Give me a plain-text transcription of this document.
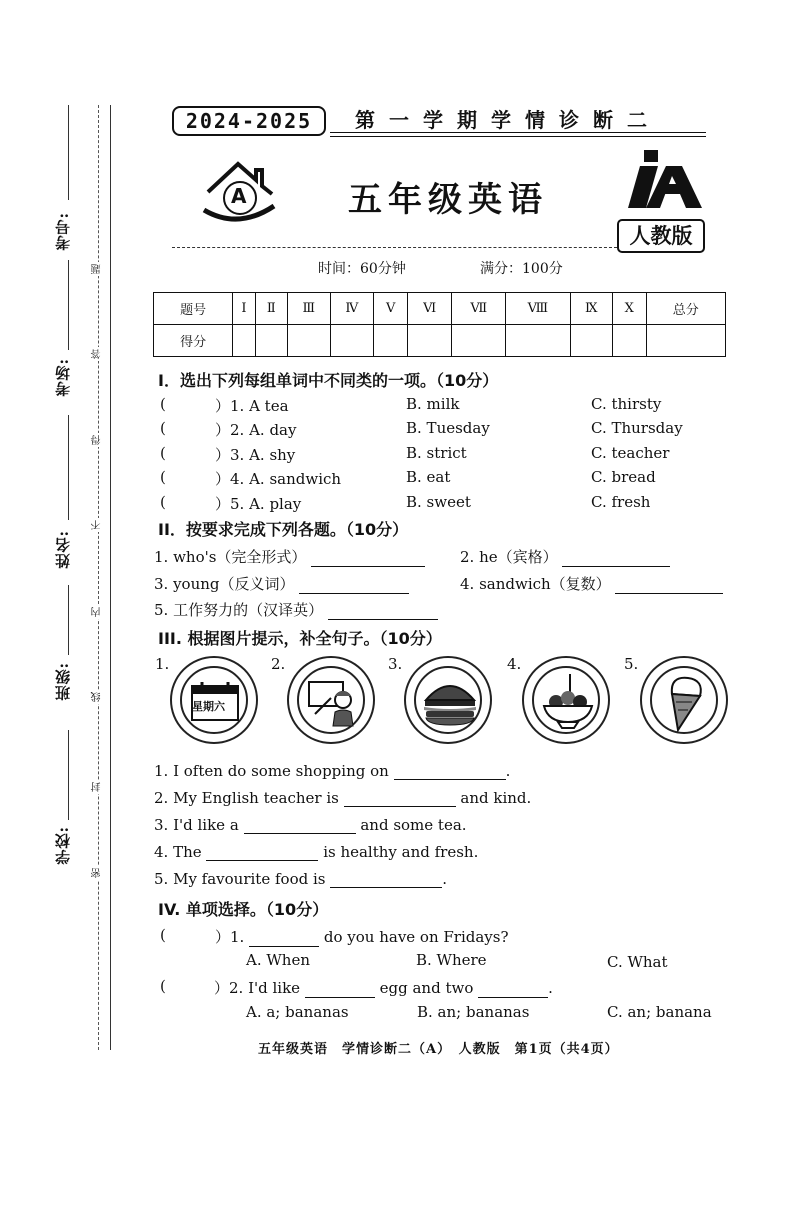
考号:
考场:
姓名:
班级:
学校:
题
答
得
不
内
线
封
密
2024-2025	第一学期学情诊断二
A	五年级英语
人教版
时间：60分钟	满分：100分
题号	I	Ⅱ	Ⅲ	Ⅳ	V	Ⅵ	Ⅶ	Ⅷ	Ⅸ	X	总分
得分											
I．选出下列每组单词中不同类的一项。（10分）
(	）1. A tea	B. milk	C. thirsty
(	）2. A. day	B. Tuesday	C. Thursday
(	）3. A. shy	B. strict	C. teacher
(	）4. A. sandwich	B. eat	C. bread
(	）5. A. play	B. sweet	C. fresh
II．按要求完成下列各题。（10分）
1. who's（完全形式）	2. he（宾格）
3. young（反义词）	4. sandwich（复数）
5. 工作努力的（汉译英）
III. 根据图片提示，补全句子。（10分）
1.
星期六
2.	3.	4.	5.
1. I often do some shopping on	.
2. My English teacher is	and kind.
3. I'd like a	and some tea.
4. The	is healthy and fresh.
5. My favourite food is	.
IV. 单项选择。（10分）
(	）1.	do you have on Fridays?
A. When	B. Where	C. What
(	）2. I'd like	egg and two	.
A. a; bananas	B. an; bananas	C. an; banana
五年级英语　学情诊断二（A）　人教版　第1页（共4页）
